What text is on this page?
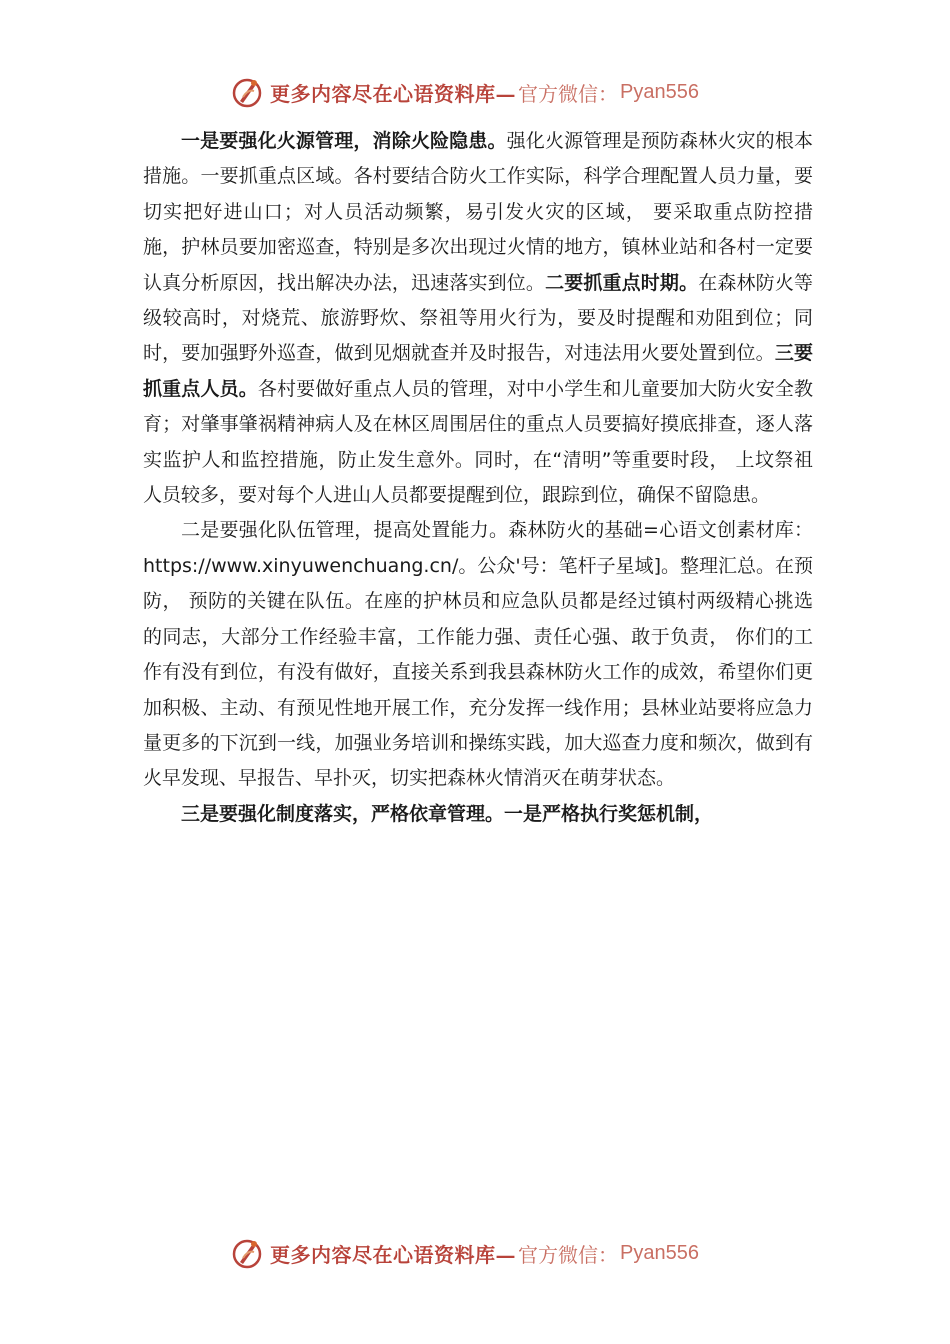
更多内容尽在心语资料库— 官方微信： Pyan556

一是要强化火源管理，消除火险隐患。强化火源管理是预防森林火灾的根本措施。一要抓重点区域。各村要结合防火工作实际，科学合理配置人员力量，要切实把好进山口；对人员活动频繁，易引发火灾的区域， 要采取重点防控措施，护林员要加密巡查，特别是多次出现过火情的地方，镇林业站和各村一定要认真分析原因，找出解决办法，迅速落实到位。二要抓重点时期。在森林防火等级较高时，对烧荒、旅游野炊、祭祖等用火行为，要及时提醒和劝阻到位；同时，要加强野外巡查，做到见烟就查并及时报告，对违法用火要处置到位。三要抓重点人员。各村要做好重点人员的管理，对中小学生和儿童要加大防火安全教育；对肇事肇祸精神病人及在林区周围居住的重点人员要搞好摸底排查，逐人落实监护人和监控措施，防止发生意外。同时，在“清明”等重要时段， 上坟祭祖人员较多，要对每个人进山人员都要提醒到位，跟踪到位，确保不留隐患。

二是要强化队伍管理，提高处置能力。森林防火的基础=心语文创素材库：https://www.xinyuwenchuang.cn/。公众'号：笔杆子星域]。整理汇总。在预防， 预防的关键在队伍。在座的护林员和应急队员都是经过镇村两级精心挑选的同志，大部分工作经验丰富，工作能力强、责任心强、敢于负责， 你们的工作有没有到位，有没有做好，直接关系到我县森林防火工作的成效，希望你们更加积极、主动、有预见性地开展工作，充分发挥一线作用；县林业站要将应急力量更多的下沉到一线，加强业务培训和操练实践，加大巡查力度和频次，做到有火早发现、早报告、早扑灭，切实把森林火情消灭在萌芽状态。

三是要强化制度落实，严格依章管理。一是严格执行奖惩机制，

更多内容尽在心语资料库— 官方微信： Pyan556
